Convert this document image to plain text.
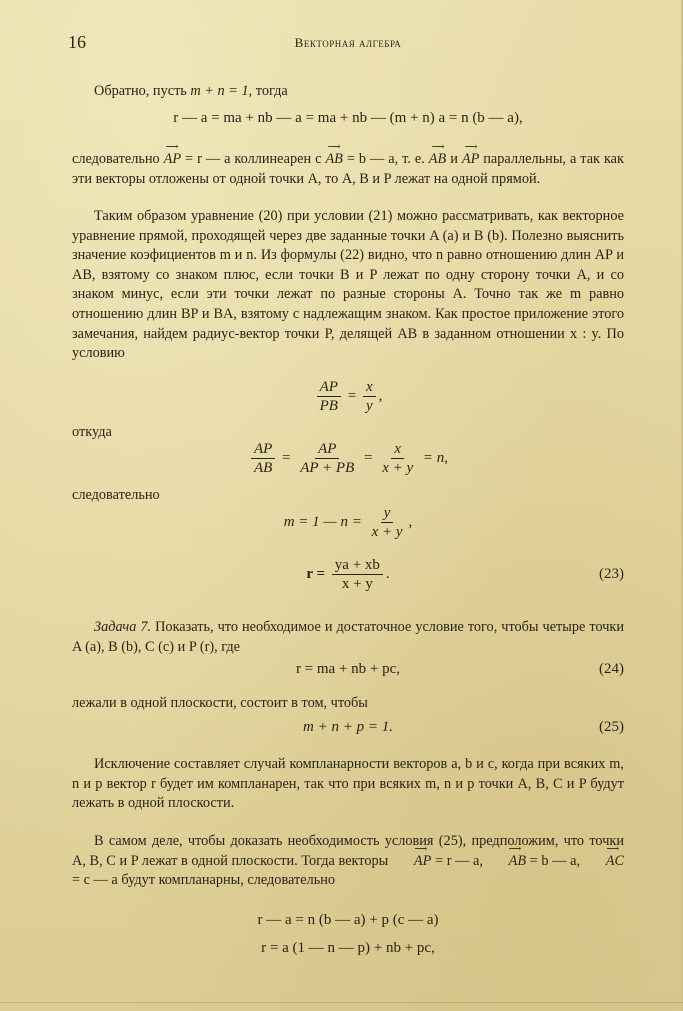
16	Векторная алгебра
Обратно, пусть m + n = 1, тогда
r — a = ma + nb — a = ma + nb — (m + n) a = n (b — a),
следовательно ⟶ AP = r — a коллинеарен с ⟶ AB = b — a, т. е. ⟶ AB и ⟶ AP параллельны, а так как эти векторы отложены от одной точки A, то A, B и P лежат на одной прямой.
Таким образом уравнение (20) при условии (21) можно рассматривать, как векторное уравнение прямой, проходящей через две заданные точки A (a) и B (b). Полезно выяснить значение коэфициентов m и n. Из формулы (22) видно, что n равно отношению длин AP и AB, взятому со знаком плюс, если точки B и P лежат по одну сторону точки A, и со знаком минус, если эти точки лежат по разные стороны A. Точно так же m равно отношению длин BP и BA, взятому с надлежащим знаком. Как простое приложение этого замечания, найдем радиус-вектор точки P, делящей AB в заданном отношении x : y. По условию
$\frac{AP}{PB} = \frac{x}{y}$ ,
откуда
$\frac{AP}{AB} = \frac{AP}{AP + PB} = \frac{x}{x + y} = n$,
следовательно
m = 1 — $n = \frac{y}{x + y}$ ,
$r = \frac{ya + xb}{x + y}$ .	(23)
Задача 7. Показать, что необходимое и достаточное условие того, чтобы четыре точки A (a), B (b), C (c) и P (r), где
r = ma + nb + pc,	(24)
лежали в одной плоскости, состоит в том, чтобы
m + n + p = 1.	(25)
Исключение составляет случай компланарности векторов a, b и c, когда при всяких m, n и p вектор r будет им компланарен, так что при всяких m, n и p точки A, B, C и P будут лежать в одной плоскости.
В самом деле, чтобы доказать необходимость условия (25), предположим, что точки A, B, C и P лежат в одной плоскости. Тогда векторы ⟶ AP = r — a, ⟶ AB = b — a, ⟶ AC = c — a будут компланарны, следовательно
r — a = n (b — a) + p (c — a)
r = a (1 — n — p) + nb + pc,
